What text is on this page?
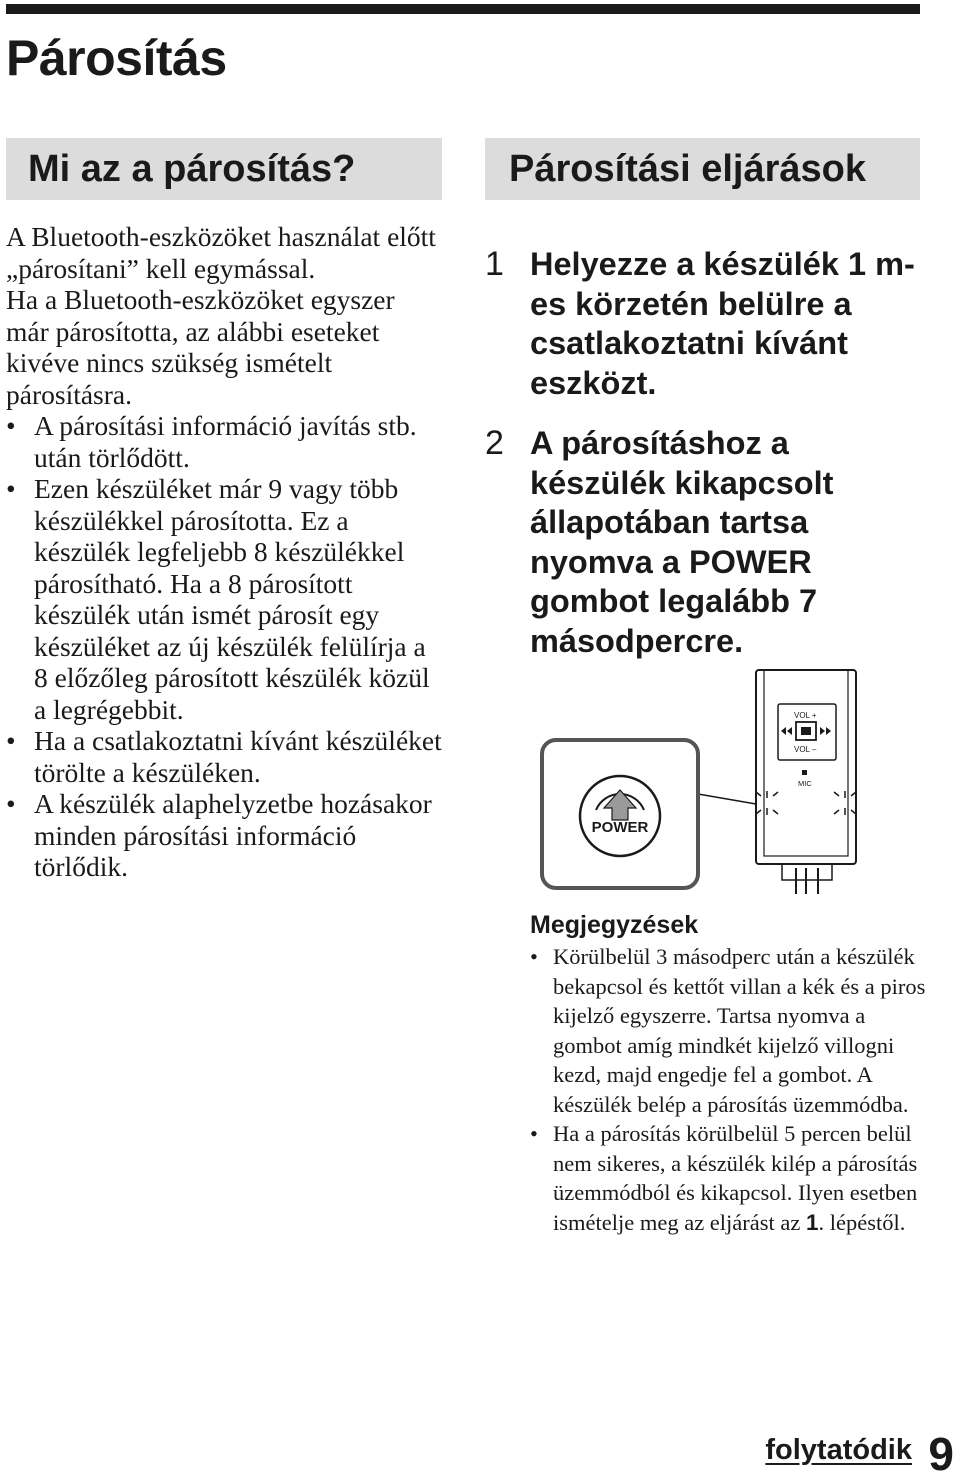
Párosítás
Mi az a párosítás?	Párosítási eljárások

A Bluetooth-eszközöket használat előtt „párosítani” kell egymással.

Ha a Bluetooth-eszközöket egyszer már párosította, az alábbi eseteket kivéve nincs szükség ismételt párosításra.

• A párosítási információ javítás stb. után törlődött.
• Ezen készüléket már 9 vagy több készülékkel párosította. Ez a készülék legfeljebb 8 készülékkel párosítható. Ha a 8 párosított készülék után ismét párosít egy készüléket az új készülék felülírja a 8 előzőleg párosított készülék közül a legrégebbit.
• Ha a csatlakoztatni kívánt készüléket törölte a készüléken.
• A készülék alaphelyzetbe hozásakor minden párosítási információ törlődik.
1 Helyezze a készülék 1 m-es körzetén belülre a csatlakoztatni kívánt eszközt.
2 A párosításhoz a készülék kikapcsolt állapotában tartsa nyomva a POWER gombot legalább 7 másodpercre.
VOL +
VOL –
MIC
POWER
Megjegyzések
• Körülbelül 3 másodperc után a készülék bekapcsol és kettőt villan a kék és a piros kijelző egyszerre. Tartsa nyomva a gombot amíg mindkét kijelző villogni kezd, majd engedje fel a gombot. A készülék belép a párosítás üzemmódba.
• Ha a párosítás körülbelül 5 percen belül nem sikeres, a készülék kilép a párosítás üzemmódból és kikapcsol. Ilyen esetben ismételje meg az eljárást az 1. lépéstől.
folytatódik 9
